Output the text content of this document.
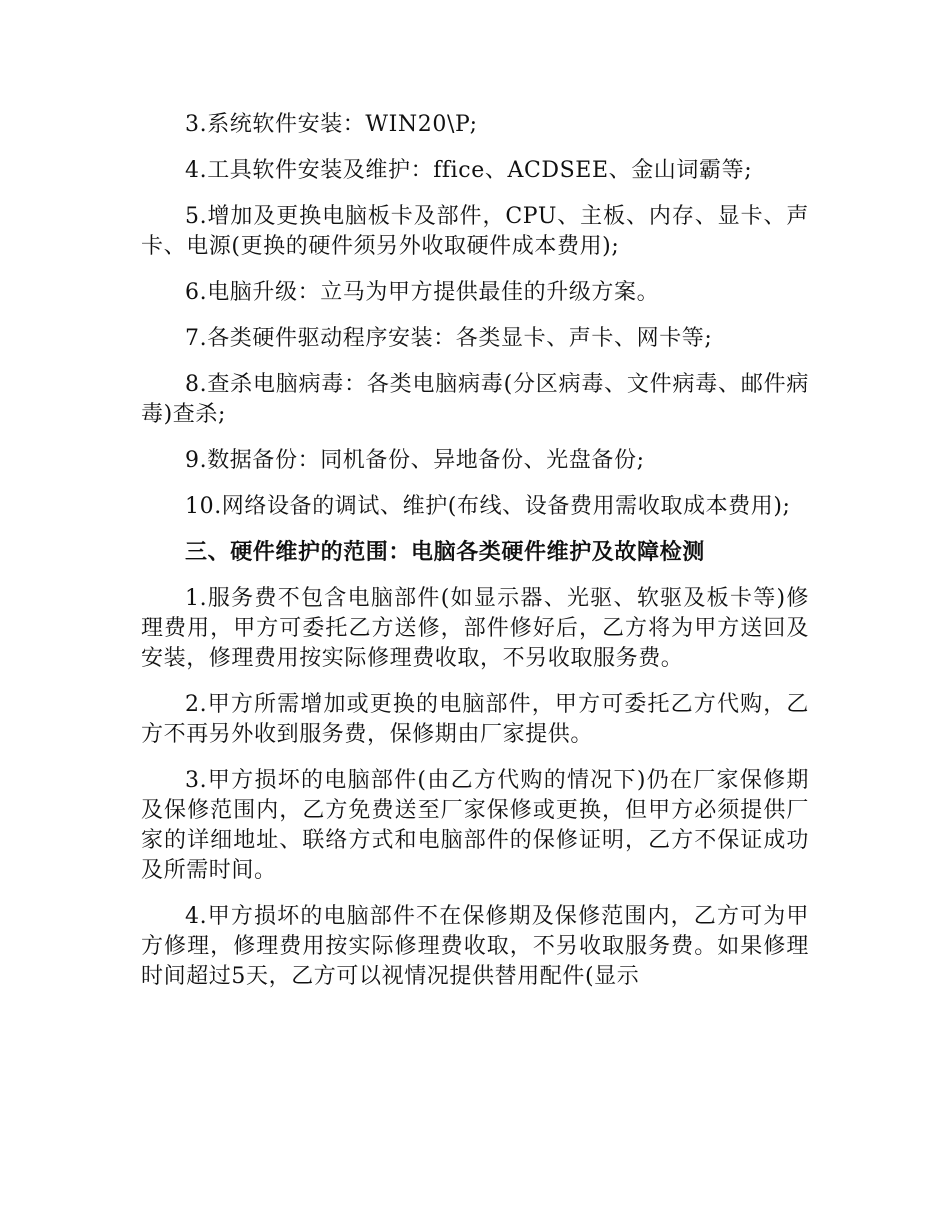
3.系统软件安装：WIN20\P;

4.工具软件安装及维护：ffice、ACDSEE、金山词霸等;

5.增加及更换电脑板卡及部件，CPU、主板、内存、显卡、声卡、电源(更换的硬件须另外收取硬件成本费用);

6.电脑升级：立马为甲方提供最佳的升级方案。

7.各类硬件驱动程序安装：各类显卡、声卡、网卡等;

8.查杀电脑病毒：各类电脑病毒(分区病毒、文件病毒、邮件病毒)查杀;

9.数据备份：同机备份、异地备份、光盘备份;

10.网络设备的调试、维护(布线、设备费用需收取成本费用);

三、硬件维护的范围：电脑各类硬件维护及故障检测

1.服务费不包含电脑部件(如显示器、光驱、软驱及板卡等)修理费用，甲方可委托乙方送修，部件修好后，乙方将为甲方送回及安装，修理费用按实际修理费收取，不另收取服务费。

2.甲方所需增加或更换的电脑部件，甲方可委托乙方代购，乙方不再另外收到服务费，保修期由厂家提供。

3.甲方损坏的电脑部件(由乙方代购的情况下)仍在厂家保修期及保修范围内，乙方免费送至厂家保修或更换，但甲方必须提供厂家的详细地址、联络方式和电脑部件的保修证明，乙方不保证成功及所需时间。

4.甲方损坏的电脑部件不在保修期及保修范围内，乙方可为甲方修理，修理费用按实际修理费收取，不另收取服务费。如果修理时间超过5天，乙方可以视情况提供替用配件(显示
